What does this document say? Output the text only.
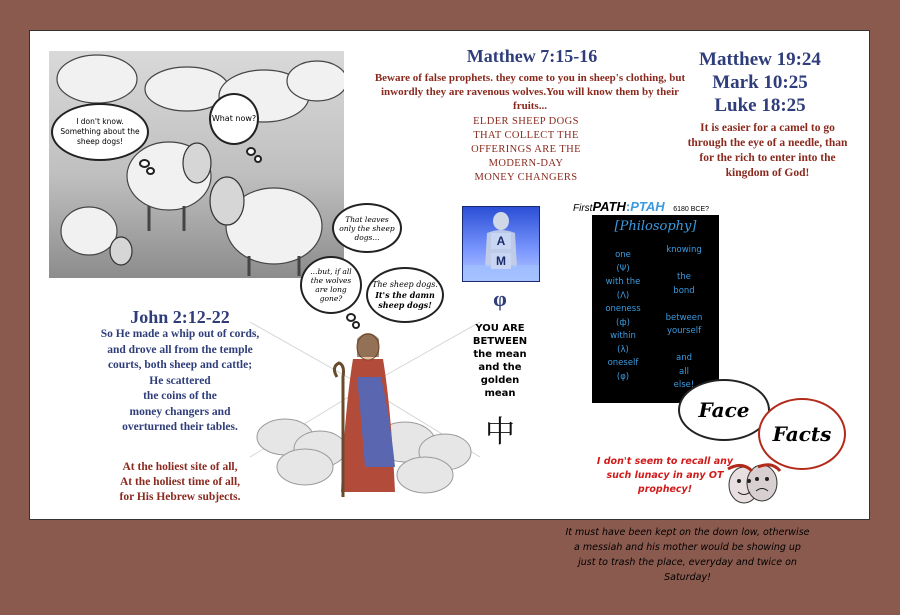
I don't know. Something about the sheep dogs!
What now?
Matthew 7:15-16
Beware of false prophets. they come to you in sheep's clothing, but inwordly they are ravenous wolves.You will know them by their fruits...
ELDER SHEEP DOGS
THAT COLLECT THE
OFFERINGS ARE THE
MODERN-DAY
MONEY CHANGERS
Matthew 19:24
Mark 10:25
Luke 18:25
It is easier for a camel to go through the eye of a needle, than for the rich to enter into the kingdom of God!
That leaves only the sheep dogs...
...but, if all the wolves are long gone?
The sheep dogs.
It's the damn sheep dogs!
John 2:12-22
So He made a whip out of cords,
and drove all from the temple
courts, both sheep and cattle;
He scattered
the coins of the
money changers and
overturned their tables.
At the holiest site of all,
At the holiest time of all,
for His Hebrew subjects.
A
M
φ
YOU ARE
BETWEEN
the mean
and the
golden
mean
中
FirstPATH:PTAH 6180 BCE?
[Philosophy]
one
(Ψ)
with the
(Λ)
oneness
(ф)
within
(λ)
oneself
(φ)
knowing
the
bond
between
yourself
and
all
else!
Face
Facts
I don't seem to recall any such lunacy in any OT prophecy!
It must have been kept on the down low, otherwise a messiah and his mother would be showing up just to trash the place, everyday and twice on Saturday!
